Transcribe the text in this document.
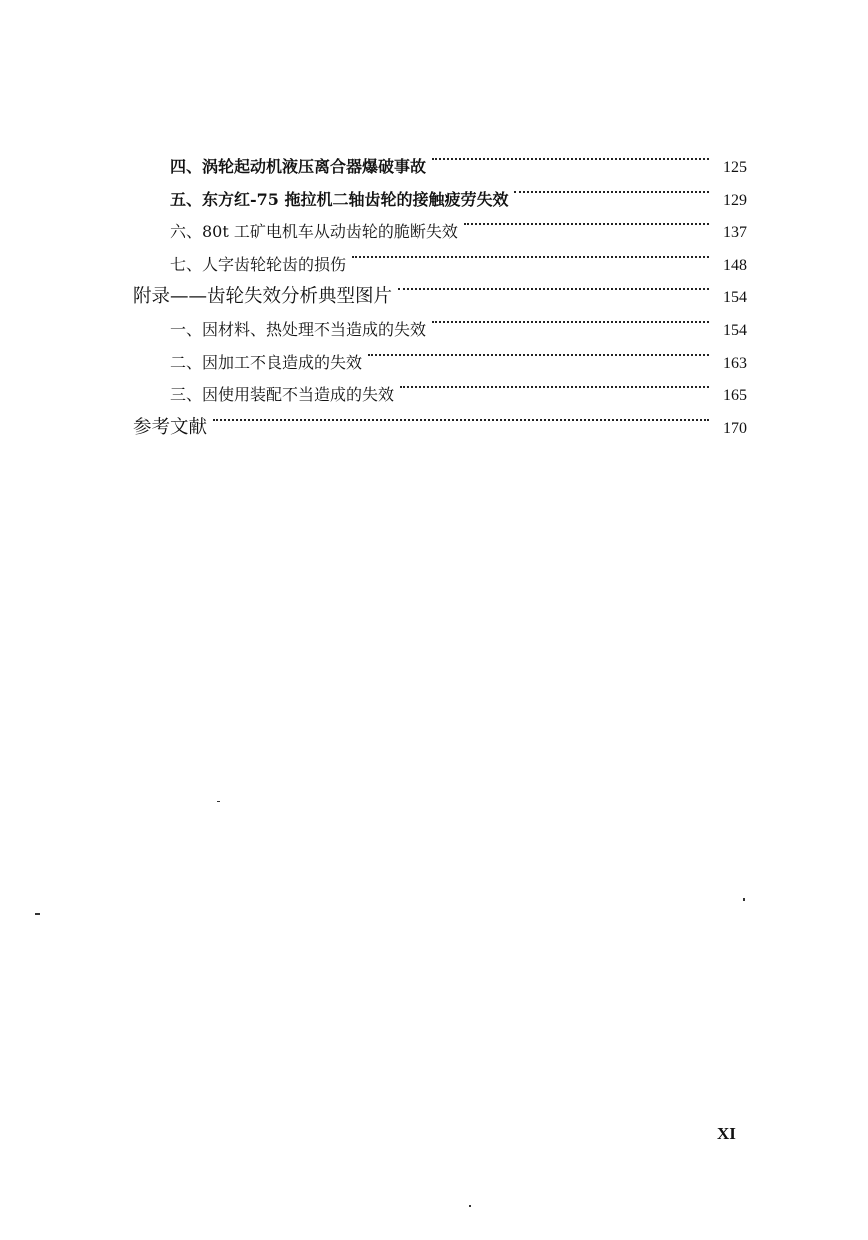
四、涡轮起动机液压离合器爆破事故	125
五、东方红-75 拖拉机二轴齿轮的接触疲劳失效	129
六、80t 工矿电机车从动齿轮的脆断失效	137
七、人字齿轮轮齿的损伤	148
附录——齿轮失效分析典型图片	154
一、因材料、热处理不当造成的失效	154
二、因加工不良造成的失效	163
三、因使用装配不当造成的失效	165
参考文献	170
XI
